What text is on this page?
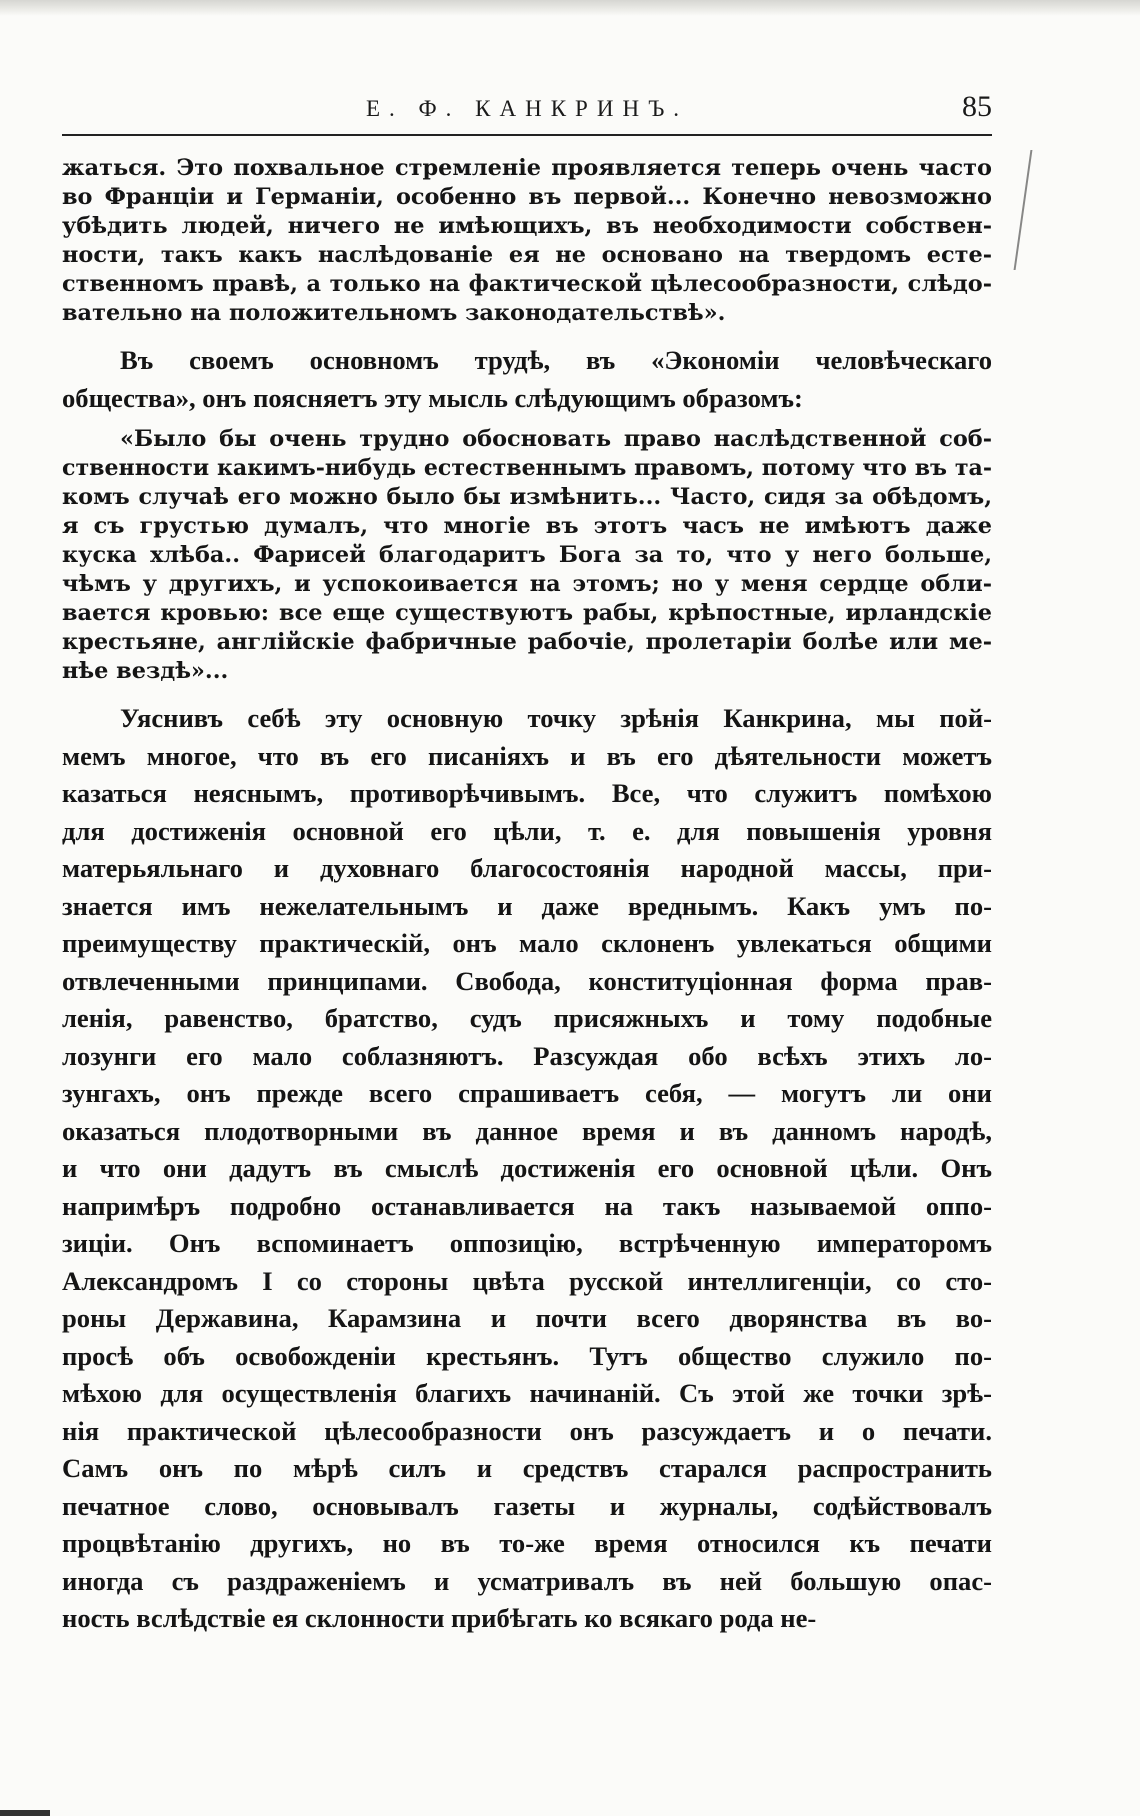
Е. Ф. КАНКРИНЪ.	85
жаться. Это похвальное стремленіе проявляется теперь очень часто
во Франціи и Германіи, особенно въ первой... Конечно невозможно
убѣдить людей, ничего не имѣющихъ, въ необходимости собствен-
ности, такъ какъ наслѣдованіе ея не основано на твердомъ есте-
ственномъ правѣ, а только на фактической цѣлесообразности, слѣдо-
вательно на положительномъ законодательствѣ».
Въ своемъ основномъ трудѣ, въ «Экономіи человѣческаго
общества», онъ поясняетъ эту мысль слѣдующимъ образомъ:
«Было бы очень трудно обосновать право наслѣдственной соб-
ственности какимъ-нибудь естественнымъ правомъ, потому что въ та-
комъ случаѣ его можно было бы измѣнить... Часто, сидя за обѣдомъ,
я съ грустью думалъ, что многіе въ этотъ часъ не имѣютъ даже
куска хлѣба.. Фарисей благодаритъ Бога за то, что у него больше,
чѣмъ у другихъ, и успокоивается на этомъ; но у меня сердце обли-
вается кровью: все еще существуютъ рабы, крѣпостные, ирландскіе
крестьяне, англійскіе фабричные рабочіе, пролетаріи болѣе или ме-
нѣе вездѣ»...
Уяснивъ себѣ эту основную точку зрѣнія Канкрина, мы пой-
мемъ многое, что въ его писаніяхъ и въ его дѣятельности можетъ
казаться неяснымъ, противорѣчивымъ. Все, что служитъ помѣхою
для достиженія основной его цѣли, т. е. для повышенія уровня
матерьяльнаго и духовнаго благосостоянія народной массы, при-
знается имъ нежелательнымъ и даже вреднымъ. Какъ умъ по-
преимуществу практическій, онъ мало склоненъ увлекаться общими
отвлеченными принципами. Свобода, конституціонная форма прав-
ленія, равенство, братство, судъ присяжныхъ и тому подобные
лозунги его мало соблазняютъ. Разсуждая обо всѣхъ этихъ ло-
зунгахъ, онъ прежде всего спрашиваетъ себя, — могутъ ли они
оказаться плодотворными въ данное время и въ данномъ народѣ,
и что они дадутъ въ смыслѣ достиженія его основной цѣли. Онъ
напримѣръ подробно останавливается на такъ называемой оппо-
зиціи. Онъ вспоминаетъ оппозицію, встрѣченную императоромъ
Александромъ I со стороны цвѣта русской интеллигенціи, со сто-
роны Державина, Карамзина и почти всего дворянства въ во-
просѣ объ освобожденіи крестьянъ. Тутъ общество служило по-
мѣхою для осуществленія благихъ начинаній. Съ этой же точки зрѣ-
нія практической цѣлесообразности онъ разсуждаетъ и о печати.
Самъ онъ по мѣрѣ силъ и средствъ старался распространить
печатное слово, основывалъ газеты и журналы, содѣйствовалъ
процвѣтанію другихъ, но въ то-же время относился къ печати
иногда съ раздраженіемъ и усматривалъ въ ней большую опас-
ность вслѣдствіе ея склонности прибѣгать ко всякаго рода не-
